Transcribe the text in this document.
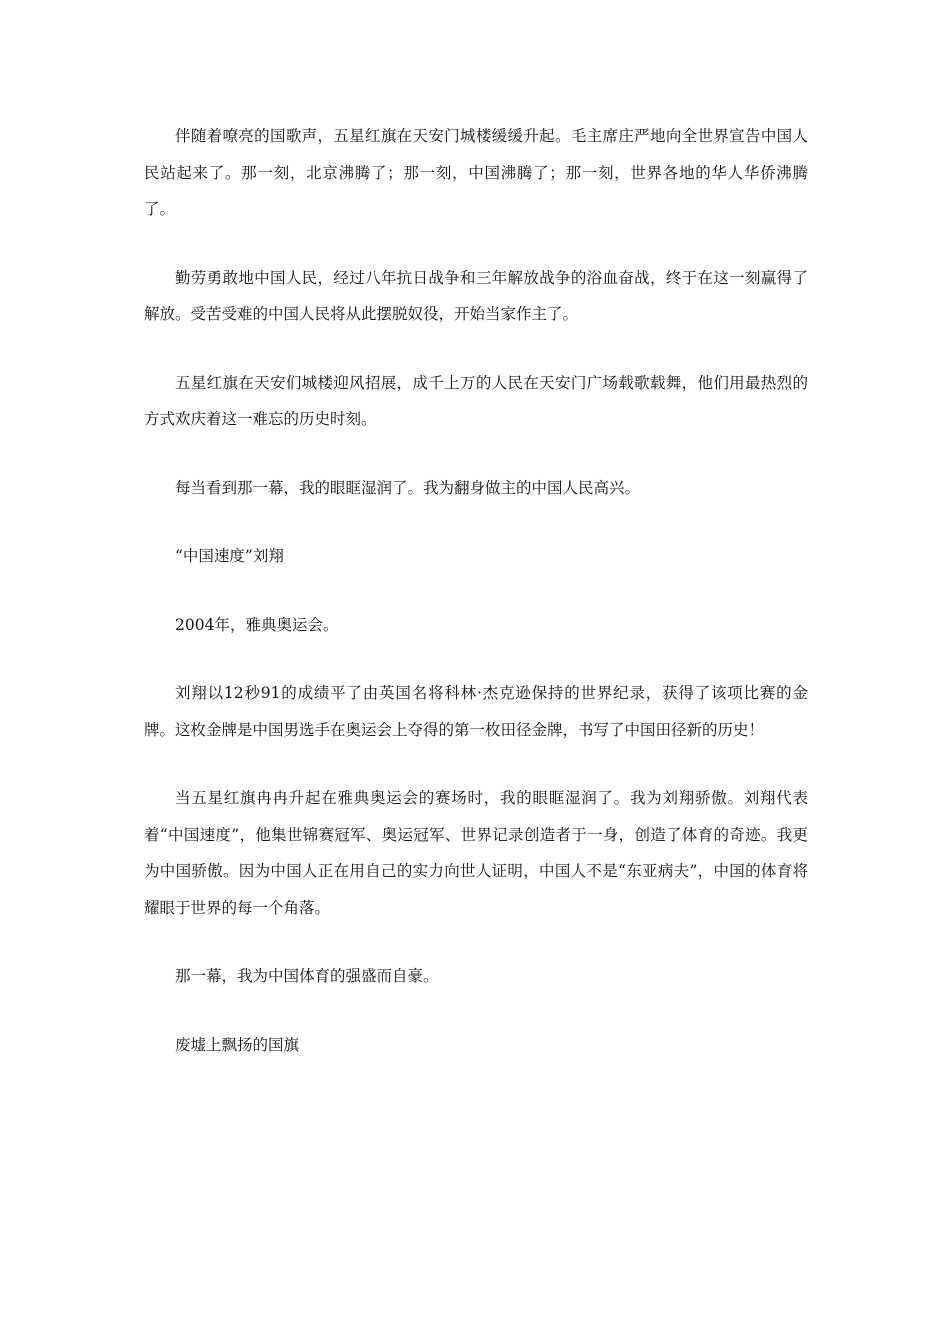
伴随着嘹亮的国歌声，五星红旗在天安门城楼缓缓升起。毛主席庄严地向全世界宣告中国人民站起来了。那一刻，北京沸腾了；那一刻，中国沸腾了；那一刻，世界各地的华人华侨沸腾了。

勤劳勇敢地中国人民，经过八年抗日战争和三年解放战争的浴血奋战，终于在这一刻赢得了解放。受苦受难的中国人民将从此摆脱奴役，开始当家作主了。

五星红旗在天安们城楼迎风招展，成千上万的人民在天安门广场载歌载舞，他们用最热烈的方式欢庆着这一难忘的历史时刻。

每当看到那一幕，我的眼眶湿润了。我为翻身做主的中国人民高兴。

“中国速度”刘翔

2004年，雅典奥运会。

刘翔以12秒91的成绩平了由英国名将科林·杰克逊保持的世界纪录，获得了该项比赛的金牌。这枚金牌是中国男选手在奥运会上夺得的第一枚田径金牌，书写了中国田径新的历史！

当五星红旗冉冉升起在雅典奥运会的赛场时，我的眼眶湿润了。我为刘翔骄傲。刘翔代表着“中国速度”，他集世锦赛冠军、奥运冠军、世界记录创造者于一身，创造了体育的奇迹。我更为中国骄傲。因为中国人正在用自己的实力向世人证明，中国人不是“东亚病夫”，中国的体育将耀眼于世界的每一个角落。

那一幕，我为中国体育的强盛而自豪。

废墟上飘扬的国旗
